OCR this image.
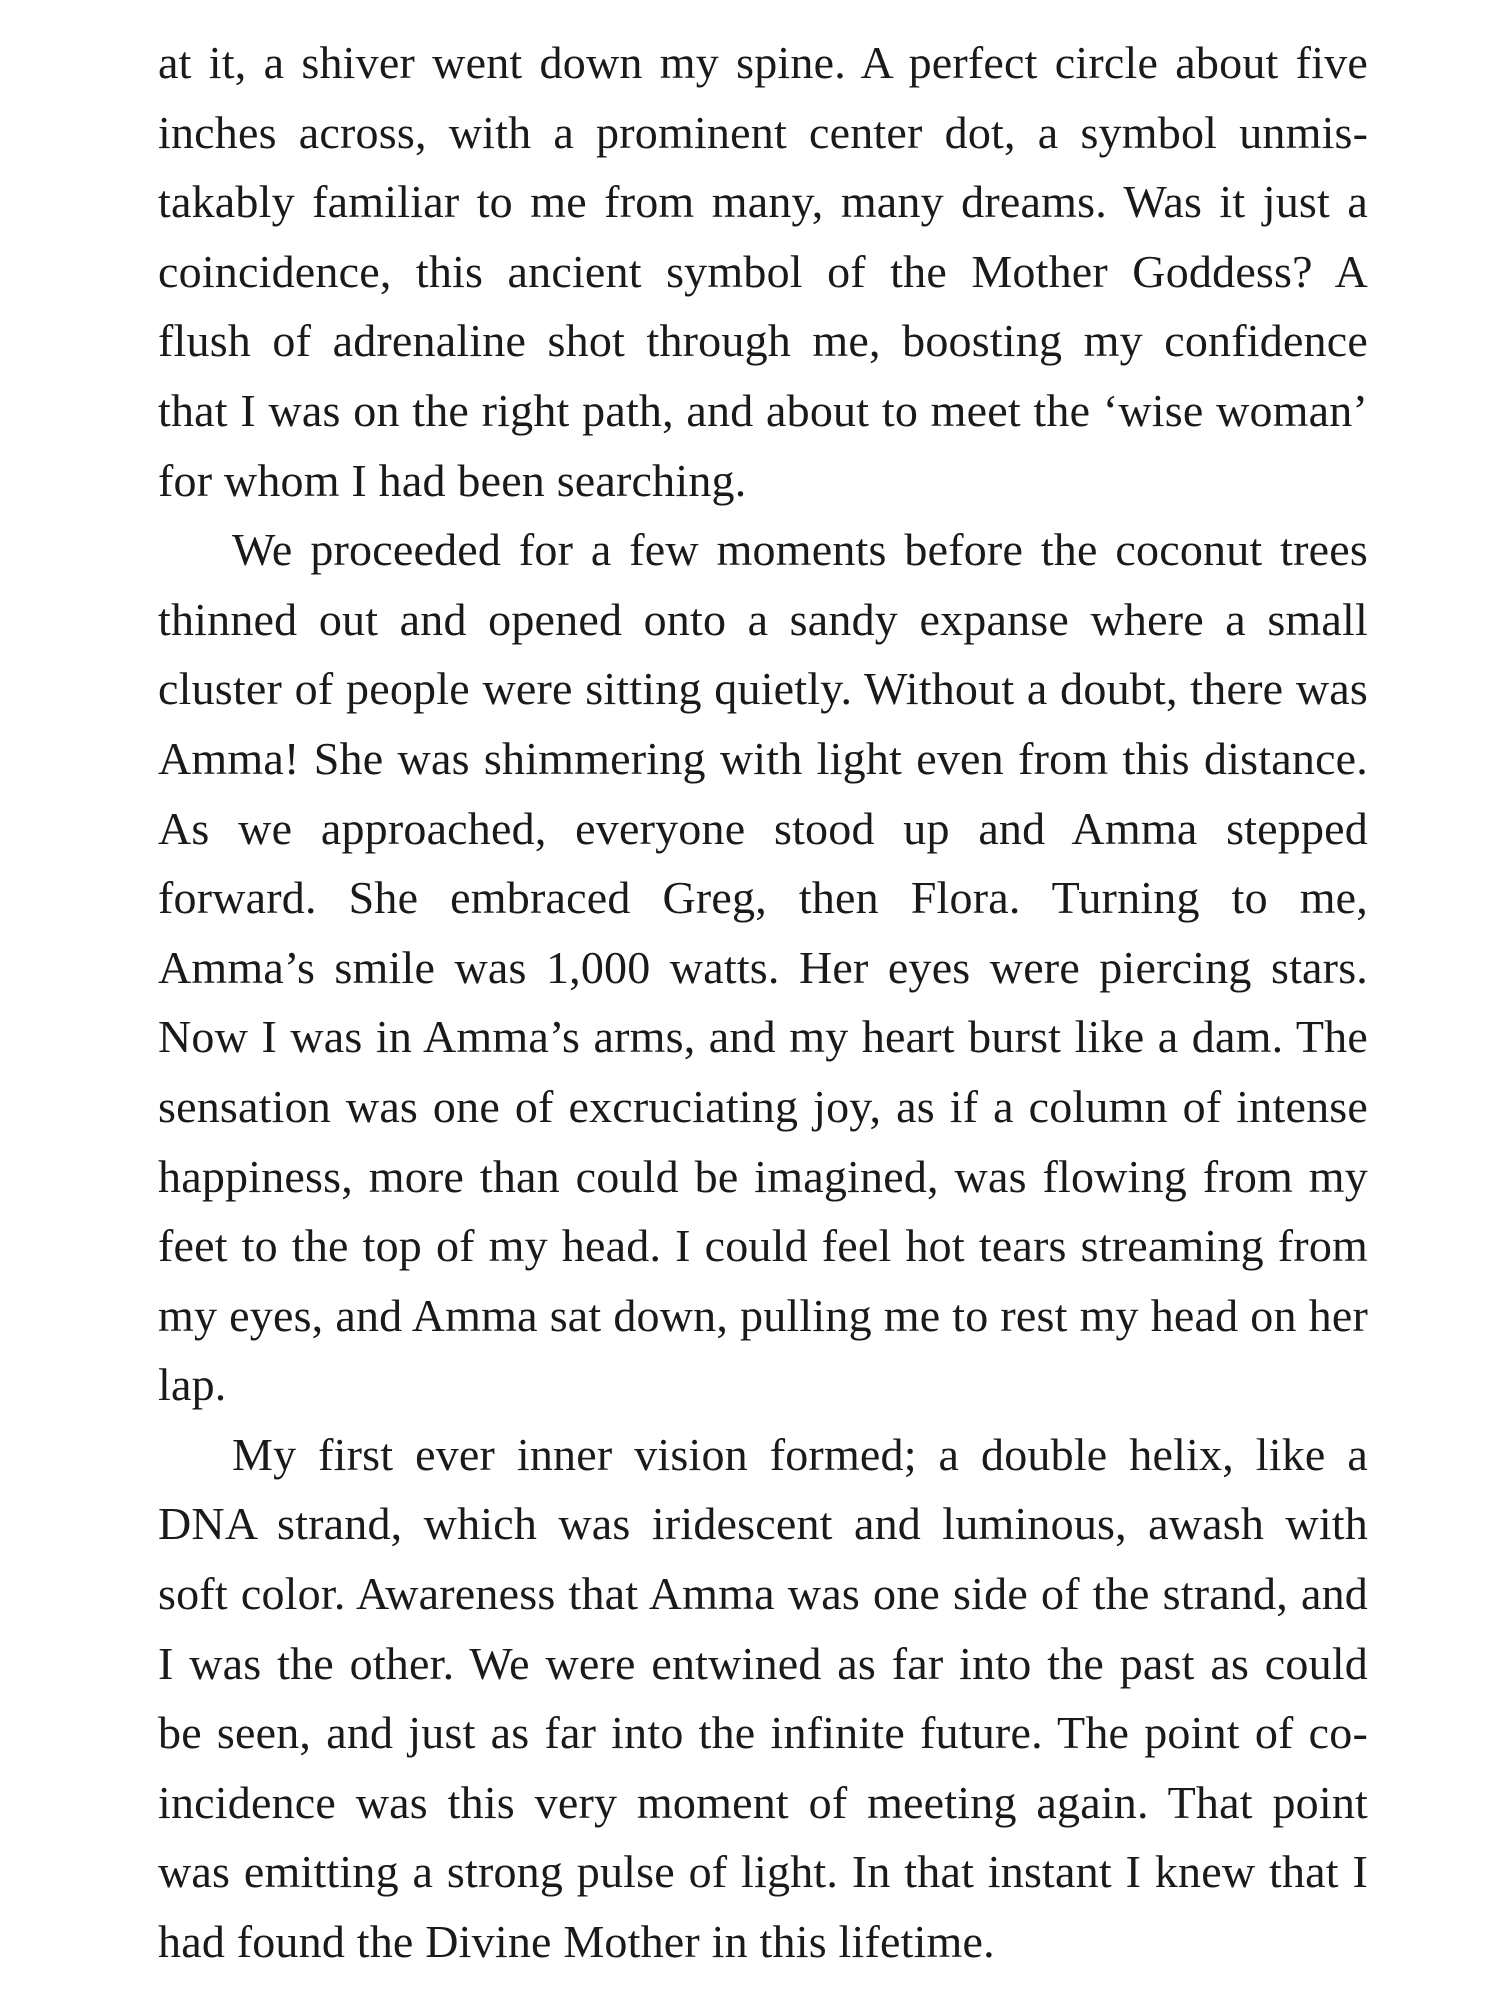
at it, a shiver went down my spine. A perfect circle about five inches across, with a prominent center dot, a symbol unmistakably familiar to me from many, many dreams. Was it just a coincidence, this ancient symbol of the Mother Goddess? A flush of adrenaline shot through me, boosting my confidence that I was on the right path, and about to meet the ‘wise woman’ for whom I had been searching.

We proceeded for a few moments before the coconut trees thinned out and opened onto a sandy expanse where a small cluster of people were sitting quietly. Without a doubt, there was Amma! She was shimmering with light even from this distance. As we approached, everyone stood up and Amma stepped forward. She embraced Greg, then Flora. Turning to me, Amma’s smile was 1,000 watts. Her eyes were piercing stars. Now I was in Amma’s arms, and my heart burst like a dam. The sensation was one of excruciating joy, as if a column of intense happiness, more than could be imagined, was flowing from my feet to the top of my head. I could feel hot tears streaming from my eyes, and Amma sat down, pulling me to rest my head on her lap.

My first ever inner vision formed; a double helix, like a DNA strand, which was iridescent and luminous, awash with soft color. Awareness that Amma was one side of the strand, and I was the other. We were entwined as far into the past as could be seen, and just as far into the infinite future. The point of co-incidence was this very moment of meeting again. That point was emitting a strong pulse of light. In that instant I knew that I had found the Divine Mother in this lifetime.
